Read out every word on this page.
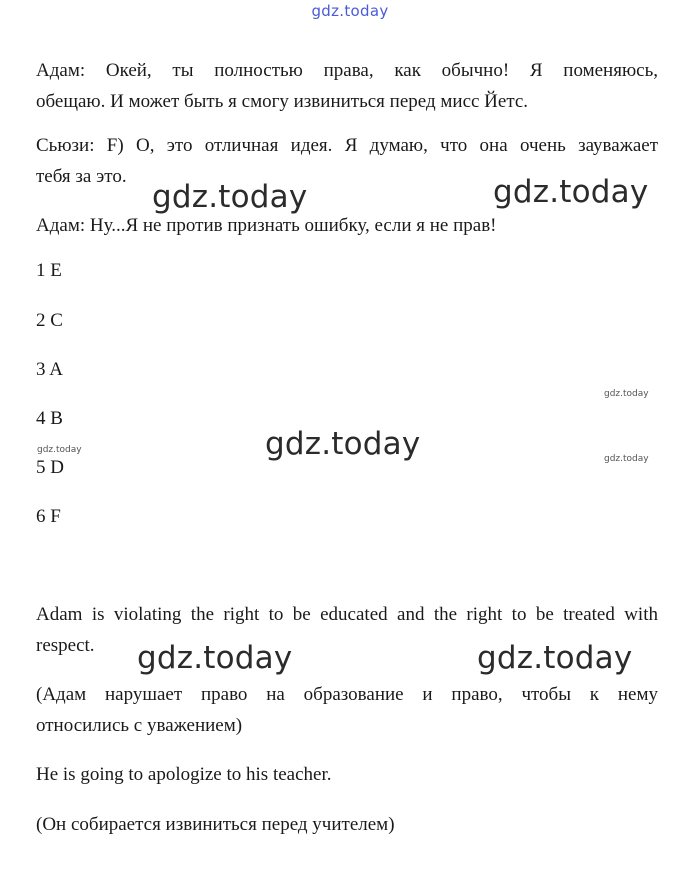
gdz.today
Адам: Окей, ты полностью права, как обычно! Я поменяюсь,
обещаю. И может быть я смогу извиниться перед мисс Йетс.
Сьюзи: F) О, это отличная идея. Я думаю, что она очень зауважает
тебя за это.
Адам: Ну...Я не против признать ошибку, если я не прав!
1 E
2 C
3 A
4 B
5 D
6 F
Adam is violating the right to be educated and the right to be treated with
respect.
(Адам нарушает право на образование и право, чтобы к нему
относились с уважением)
He is going to apologize to his teacher.
(Он собирается извиниться перед учителем)
gdz.today	gdz.today
gdz.today
gdz.today	gdz.today
gdz.today
gdz.today
gdz.today
